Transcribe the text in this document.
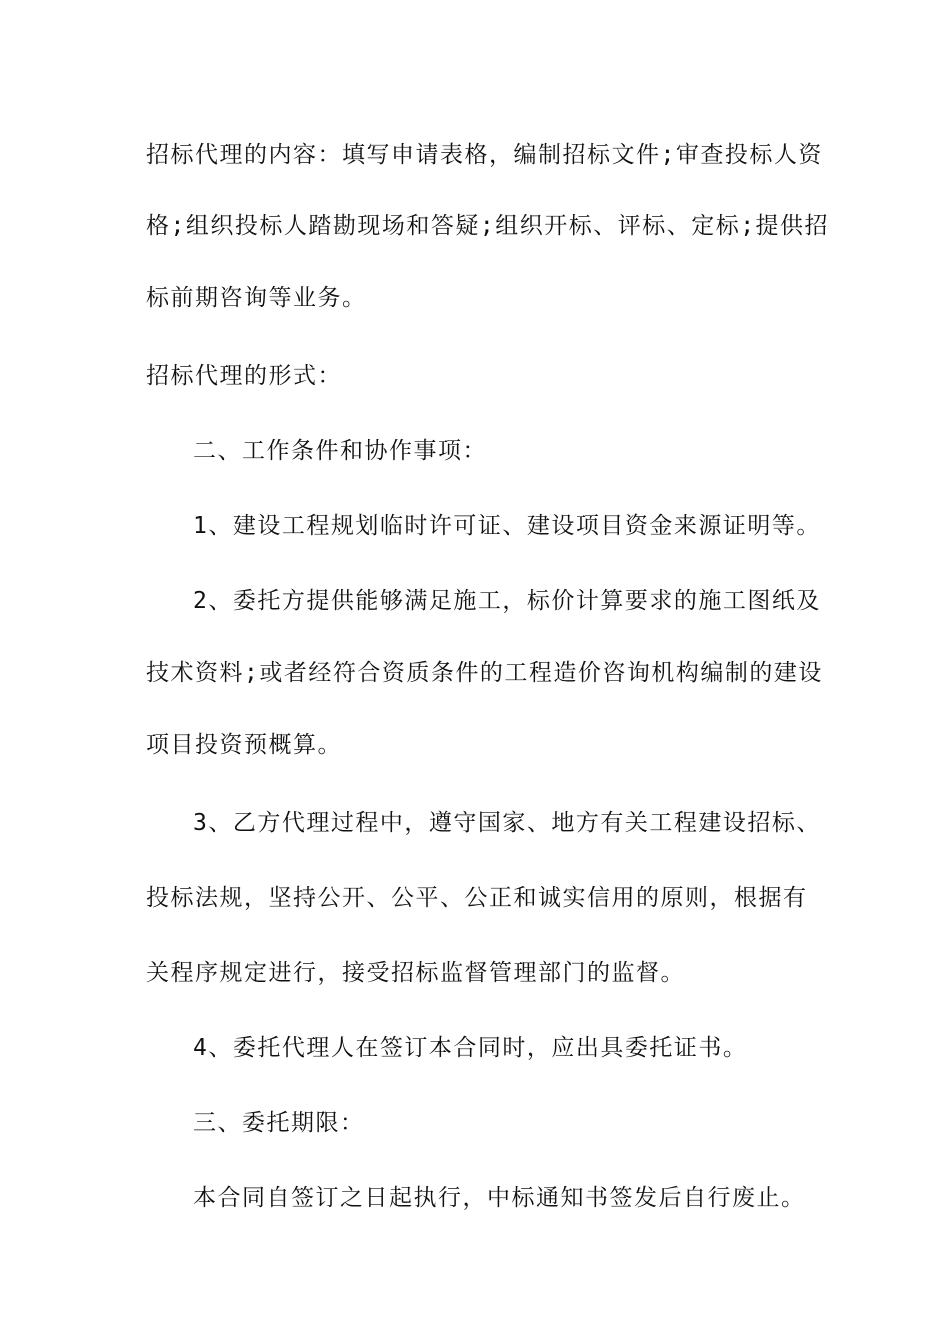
招标代理的内容：填写申请表格，编制招标文件;审查投标人资
格;组织投标人踏勘现场和答疑;组织开标、评标、定标;提供招
标前期咨询等业务。
招标代理的形式：
二、工作条件和协作事项：
1、建设工程规划临时许可证、建设项目资金来源证明等。
2、委托方提供能够满足施工，标价计算要求的施工图纸及
技术资料;或者经符合资质条件的工程造价咨询机构编制的建设
项目投资预概算。
3、乙方代理过程中，遵守国家、地方有关工程建设招标、
投标法规，坚持公开、公平、公正和诚实信用的原则，根据有
关程序规定进行，接受招标监督管理部门的监督。
4、委托代理人在签订本合同时，应出具委托证书。
三、委托期限：
本合同自签订之日起执行，中标通知书签发后自行废止。
